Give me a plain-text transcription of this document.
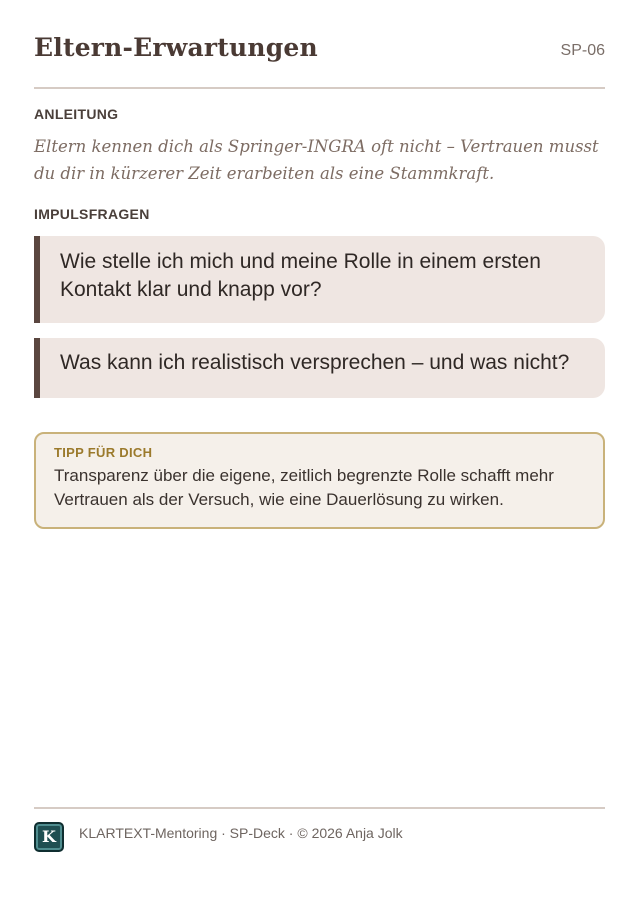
Eltern-Erwartungen	SP-06
ANLEITUNG
Eltern kennen dich als Springer-INGRA oft nicht – Vertrauen musst du dir in kürzerer Zeit erarbeiten als eine Stammkraft.
IMPULSFRAGEN
Wie stelle ich mich und meine Rolle in einem ersten Kontakt klar und knapp vor?
Was kann ich realistisch versprechen – und was nicht?
TIPP FÜR DICH
Transparenz über die eigene, zeitlich begrenzte Rolle schafft mehr Vertrauen als der Versuch, wie eine Dauerlösung zu wirken.
K	KLARTEXT-Mentoring · SP-Deck · © 2026 Anja Jolk
